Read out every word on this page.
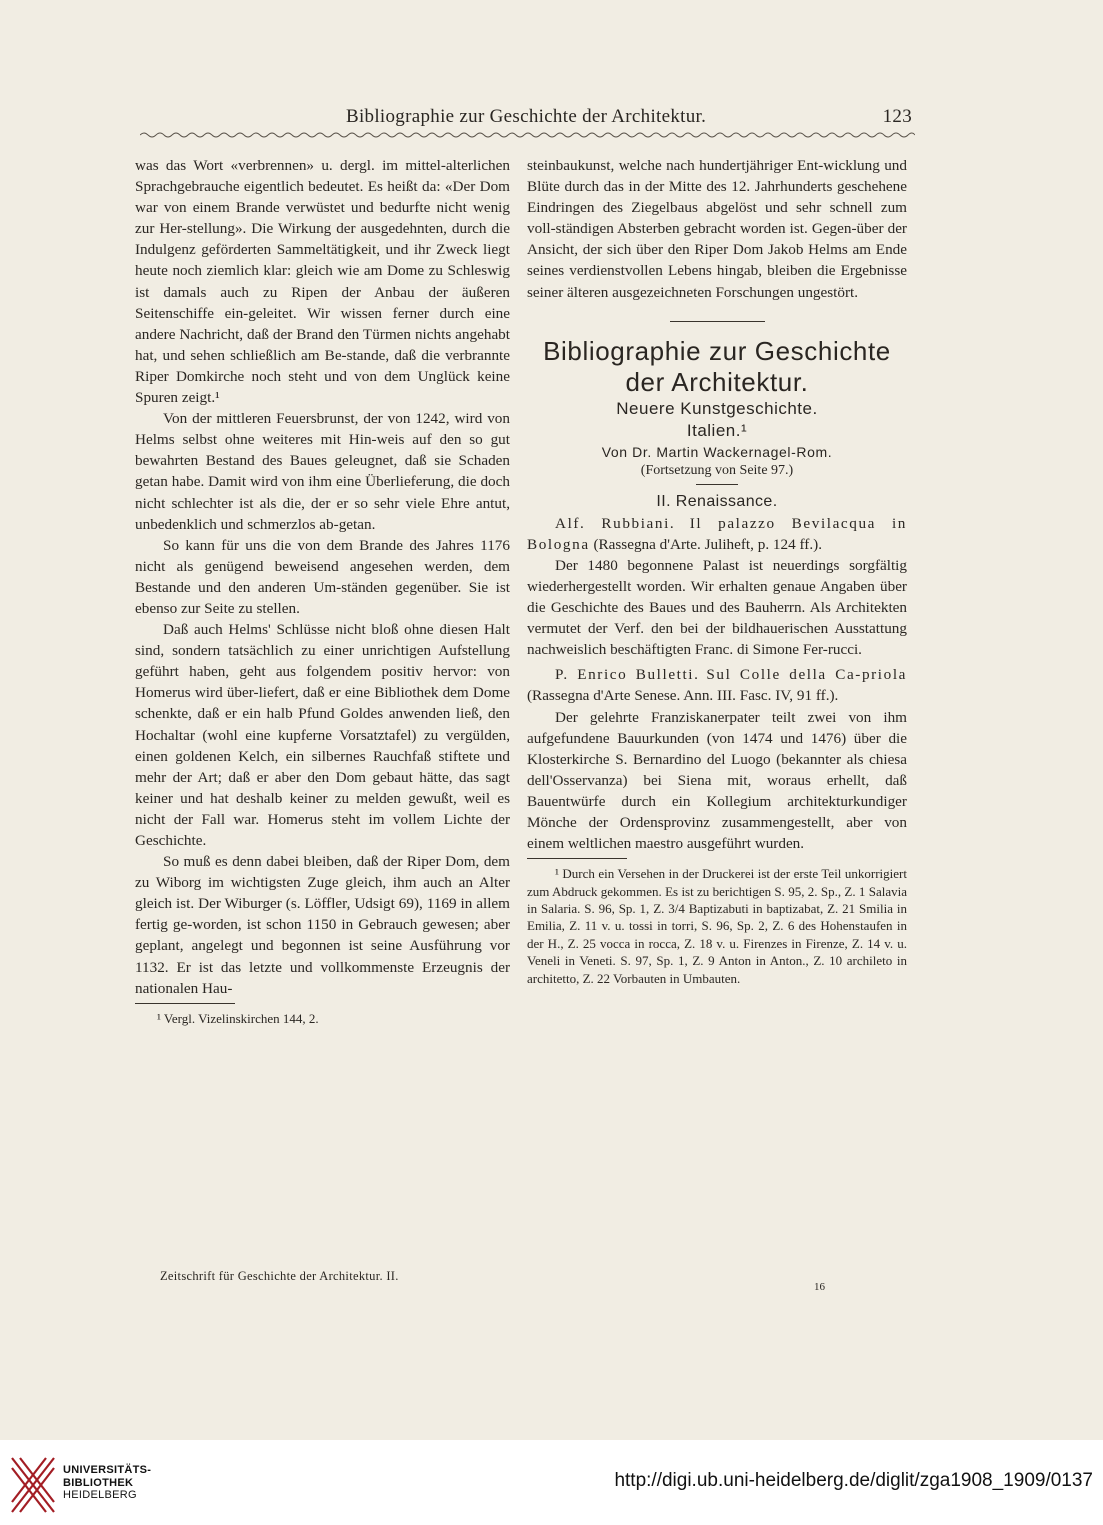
Bibliographie zur Geschichte der Architektur.	123

was das Wort «verbrennen» u. dergl. im mittel-alterlichen Sprachgebrauche eigentlich bedeutet. Es heißt da: «Der Dom war von einem Brande verwüstet und bedurfte nicht wenig zur Her-stellung». Die Wirkung der ausgedehnten, durch die Indulgenz geförderten Sammeltätigkeit, und ihr Zweck liegt heute noch ziemlich klar: gleich wie am Dome zu Schleswig ist damals auch zu Ripen der Anbau der äußeren Seitenschiffe ein-geleitet. Wir wissen ferner durch eine andere Nachricht, daß der Brand den Türmen nichts angehabt hat, und sehen schließlich am Be-stande, daß die verbrannte Riper Domkirche noch steht und von dem Unglück keine Spuren zeigt.¹

Von der mittleren Feuersbrunst, der von 1242, wird von Helms selbst ohne weiteres mit Hin-weis auf den so gut bewahrten Bestand des Baues geleugnet, daß sie Schaden getan habe. Damit wird von ihm eine Überlieferung, die doch nicht schlechter ist als die, der er so sehr viele Ehre antut, unbedenklich und schmerzlos ab-getan.

So kann für uns die von dem Brande des Jahres 1176 nicht als genügend beweisend angesehen werden, dem Bestande und den anderen Um-ständen gegenüber. Sie ist ebenso zur Seite zu stellen.

Daß auch Helms' Schlüsse nicht bloß ohne diesen Halt sind, sondern tatsächlich zu einer unrichtigen Aufstellung geführt haben, geht aus folgendem positiv hervor: von Homerus wird über-liefert, daß er eine Bibliothek dem Dome schenkte, daß er ein halb Pfund Goldes anwenden ließ, den Hochaltar (wohl eine kupferne Vorsatztafel) zu vergülden, einen goldenen Kelch, ein silbernes Rauchfaß stiftete und mehr der Art; daß er aber den Dom gebaut hätte, das sagt keiner und hat deshalb keiner zu melden gewußt, weil es nicht der Fall war. Homerus steht im vollem Lichte der Geschichte.

So muß es denn dabei bleiben, daß der Riper Dom, dem zu Wiborg im wichtigsten Zuge gleich, ihm auch an Alter gleich ist. Der Wiburger (s. Löffler, Udsigt 69), 1169 in allem fertig ge-worden, ist schon 1150 in Gebrauch gewesen; aber geplant, angelegt und begonnen ist seine Ausführung vor 1132. Er ist das letzte und vollkommenste Erzeugnis der nationalen Hau-

¹ Vergl. Vizelinskirchen 144, 2.

steinbaukunst, welche nach hundertjähriger Ent-wicklung und Blüte durch das in der Mitte des 12. Jahrhunderts geschehene Eindringen des Ziegelbaus abgelöst und sehr schnell zum voll-ständigen Absterben gebracht worden ist. Gegen-über der Ansicht, der sich über den Riper Dom Jakob Helms am Ende seines verdienstvollen Lebens hingab, bleiben die Ergebnisse seiner älteren ausgezeichneten Forschungen ungestört.

Bibliographie zur Geschichte

der Architektur.

Neuere Kunstgeschichte.

Italien.¹

Von Dr. Martin Wackernagel-Rom.

(Fortsetzung von Seite 97.)

II. Renaissance.

Alf. Rubbiani. Il palazzo Bevilacqua in Bologna (Rassegna d'Arte. Juliheft, p. 124 ff.).

Der 1480 begonnene Palast ist neuerdings sorgfältig wiederhergestellt worden. Wir erhalten genaue Angaben über die Geschichte des Baues und des Bauherrn. Als Architekten vermutet der Verf. den bei der bildhauerischen Ausstattung nachweislich beschäftigten Franc. di Simone Fer-rucci.

P. Enrico Bulletti. Sul Colle della Ca-priola (Rassegna d'Arte Senese. Ann. III. Fasc. IV, 91 ff.).

Der gelehrte Franziskanerpater teilt zwei von ihm aufgefundene Bauurkunden (von 1474 und 1476) über die Klosterkirche S. Bernardino del Luogo (bekannter als chiesa dell'Osservanza) bei Siena mit, woraus erhellt, daß Bauentwürfe durch ein Kollegium architekturkundiger Mönche der Ordensprovinz zusammengestellt, aber von einem weltlichen maestro ausgeführt wurden.

¹ Durch ein Versehen in der Druckerei ist der erste Teil unkorrigiert zum Abdruck gekommen. Es ist zu berichtigen S. 95, 2. Sp., Z. 1 Salavia in Salaria. S. 96, Sp. 1, Z. 3/4 Baptizabuti in baptizabat, Z. 21 Smilia in Emilia, Z. 11 v. u. tossi in torri, S. 96, Sp. 2, Z. 6 des Hohenstaufen in der H., Z. 25 vocca in rocca, Z. 18 v. u. Firenzes in Firenze, Z. 14 v. u. Veneli in Veneti. S. 97, Sp. 1, Z. 9 Anton in Anton., Z. 10 archileto in architetto, Z. 22 Vorbauten in Umbauten.

Zeitschrift für Geschichte der Architektur. II.
16
UNIVERSITÄTS-
BIBLIOTHEK
HEIDELBERG
http://digi.ub.uni-heidelberg.de/diglit/zga1908_1909/0137
